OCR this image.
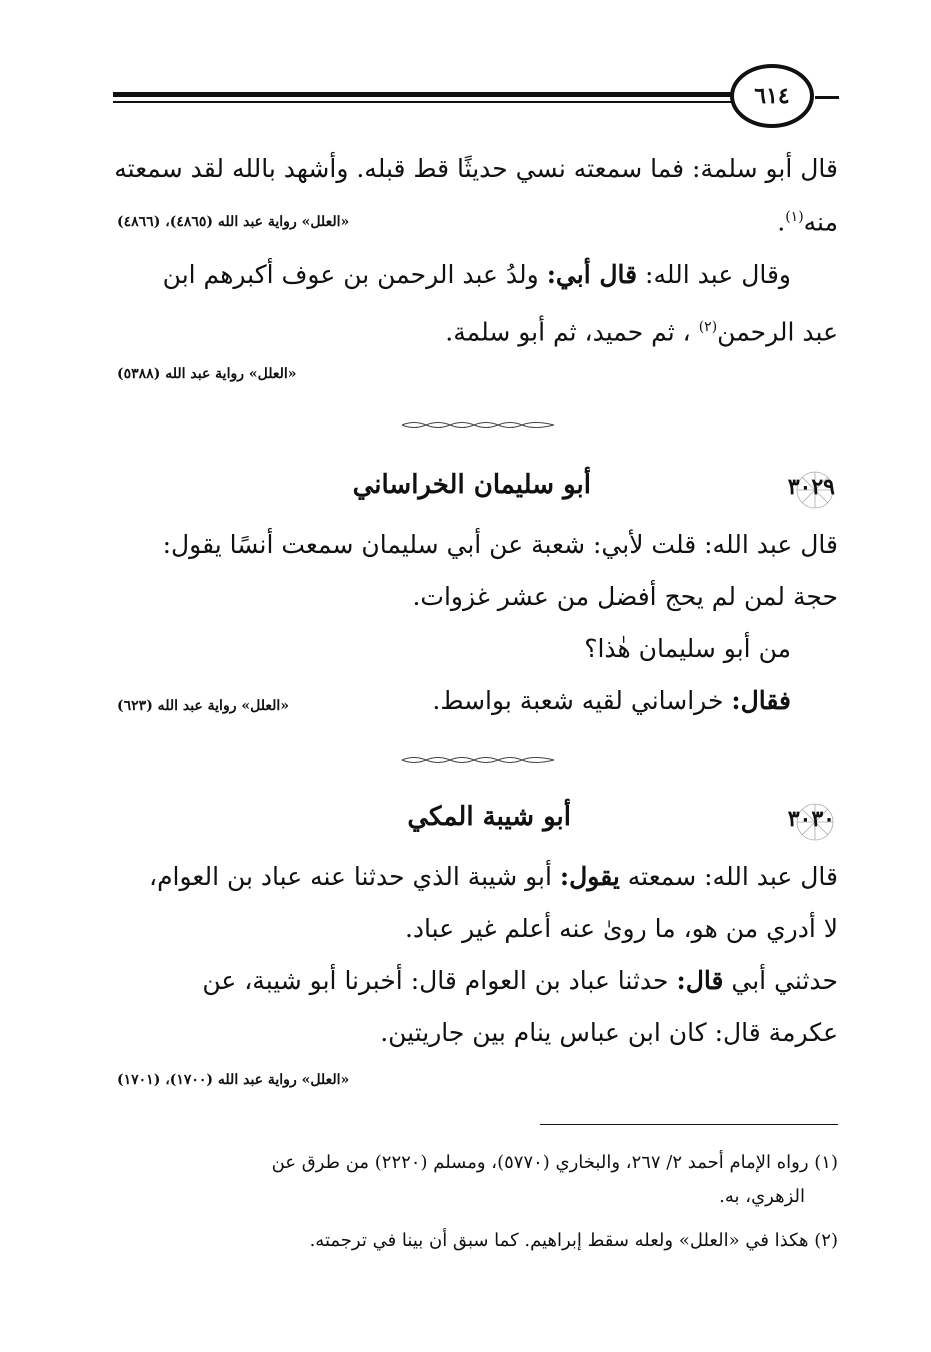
٦١٤
قال أبو سلمة: فما سمعته نسي حديثًا قط قبله. وأشهد بالله لقد سمعته
منه$^{(١)}$.
«العلل» رواية عبد الله (٤٨٦٥)، (٤٨٦٦)
وقال عبد الله: قال أبي: ولدُ عبد الرحمن بن عوف أكبرهم ابن
عبد الرحمن$^{(٢)}$ ، ثم حميد، ثم أبو سلمة.
«العلل» رواية عبد الله (٥٣٨٨)
٣٠٢٩
أبو سليمان الخراساني
قال عبد الله: قلت لأبي: شعبة عن أبي سليمان سمعت أنسًا يقول:
حجة لمن لم يحج أفضل من عشر غزوات.
من أبو سليمان هٰذا؟
فقال: خراساني لقيه شعبة بواسط.
«العلل» رواية عبد الله (٦٢٣)
٣٠٣٠
أبو شيبة المكي
قال عبد الله: سمعته يقول: أبو شيبة الذي حدثنا عنه عباد بن العوام،
لا أدري من هو، ما روىٰ عنه أعلم غير عباد.
حدثني أبي قال: حدثنا عباد بن العوام قال: أخبرنا أبو شيبة، عن
عكرمة قال: كان ابن عباس ينام بين جاريتين.
«العلل» رواية عبد الله (١٧٠٠)، (١٧٠١)
(١) رواه الإمام أحمد ٢/ ٢٦٧، والبخاري (٥٧٧٠)، ومسلم (٢٢٢٠) من طرق عن
الزهري، به.
(٢) هكذا في «العلل» ولعله سقط إبراهيم. كما سبق أن بينا في ترجمته.
